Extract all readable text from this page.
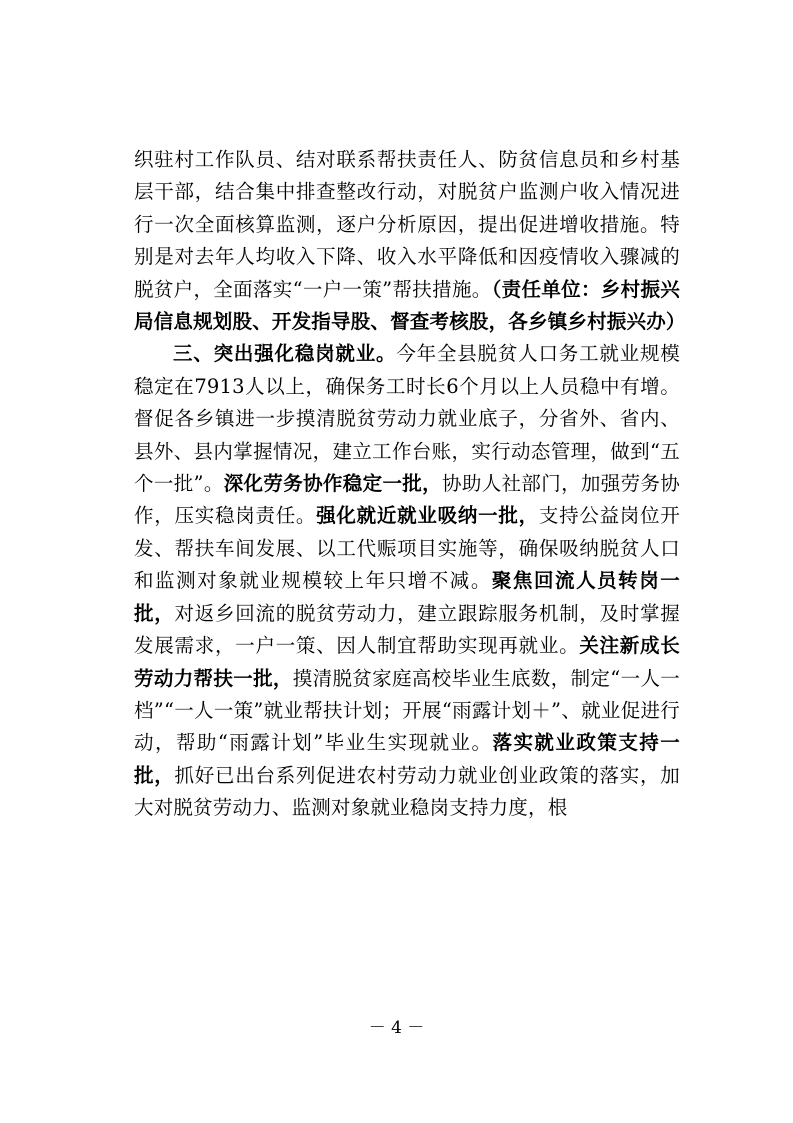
织驻村工作队员、结对联系帮扶责任人、防贫信息员和乡村基层干部，结合集中排查整改行动，对脱贫户监测户收入情况进行一次全面核算监测，逐户分析原因，提出促进增收措施。特别是对去年人均收入下降、收入水平降低和因疫情收入骤减的脱贫户，全面落实“一户一策”帮扶措施。（责任单位：乡村振兴局信息规划股、开发指导股、督查考核股，各乡镇乡村振兴办）

三、突出强化稳岗就业。今年全县脱贫人口务工就业规模稳定在7913人以上，确保务工时长6个月以上人员稳中有增。督促各乡镇进一步摸清脱贫劳动力就业底子，分省外、省内、县外、县内掌握情况，建立工作台账，实行动态管理，做到“五个一批”。深化劳务协作稳定一批，协助人社部门，加强劳务协作，压实稳岗责任。强化就近就业吸纳一批，支持公益岗位开发、帮扶车间发展、以工代赈项目实施等，确保吸纳脱贫人口和监测对象就业规模较上年只增不减。聚焦回流人员转岗一批，对返乡回流的脱贫劳动力，建立跟踪服务机制，及时掌握发展需求，一户一策、因人制宜帮助实现再就业。关注新成长劳动力帮扶一批，摸清脱贫家庭高校毕业生底数，制定“一人一档”“一人一策”就业帮扶计划；开展“雨露计划＋”、就业促进行动，帮助“雨露计划”毕业生实现就业。落实就业政策支持一批，抓好已出台系列促进农村劳动力就业创业政策的落实，加大对脱贫劳动力、监测对象就业稳岗支持力度，根

－ 4 －
